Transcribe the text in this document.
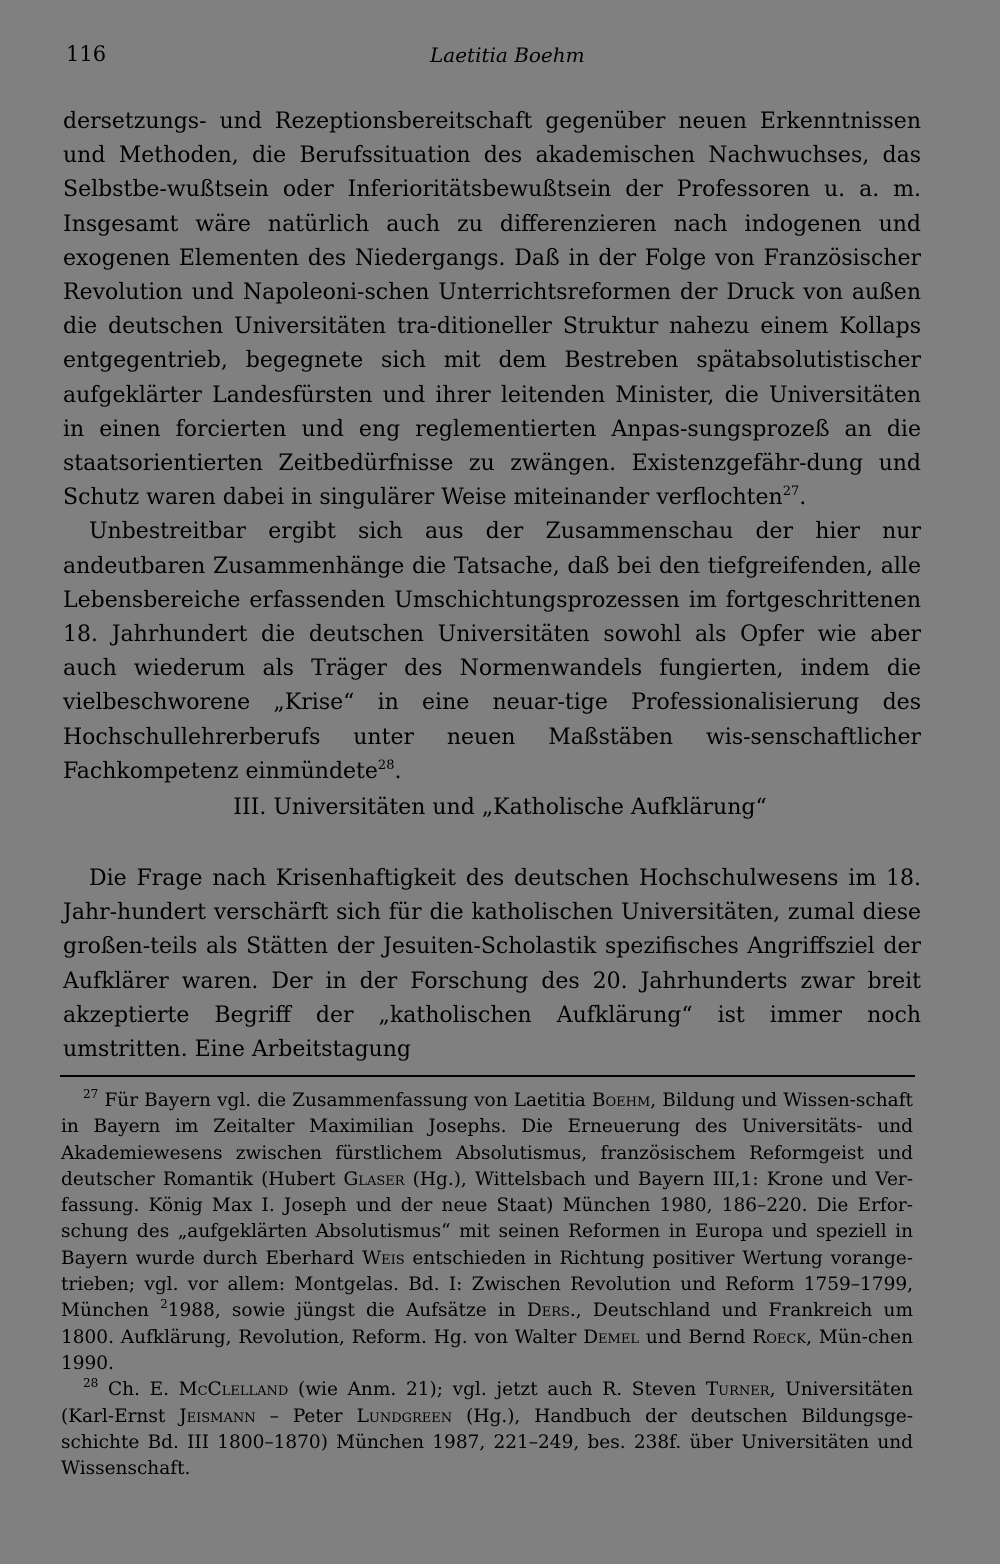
116	Laetitia Boehm

dersetzungs- und Rezeptionsbereitschaft gegenüber neuen Erkenntnissen und Methoden, die Berufssituation des akademischen Nachwuchses, das Selbstbe-wußtsein oder Inferioritätsbewußtsein der Professoren u. a. m. Insgesamt wäre natürlich auch zu differenzieren nach indogenen und exogenen Elementen des Niedergangs. Daß in der Folge von Französischer Revolution und Napoleoni-schen Unterrichtsreformen der Druck von außen die deutschen Universitäten tra-ditioneller Struktur nahezu einem Kollaps entgegentrieb, begegnete sich mit dem Bestreben spätabsolutistischer aufgeklärter Landesfürsten und ihrer leitenden Minister, die Universitäten in einen forcierten und eng reglementierten Anpas-sungsprozeß an die staatsorientierten Zeitbedürfnisse zu zwängen. Existenzgefähr-dung und Schutz waren dabei in singulärer Weise miteinander verflochten$^{27}$.

Unbestreitbar ergibt sich aus der Zusammenschau der hier nur andeutbaren Zusammenhänge die Tatsache, daß bei den tiefgreifenden, alle Lebensbereiche erfassenden Umschichtungsprozessen im fortgeschrittenen 18. Jahrhundert die deutschen Universitäten sowohl als Opfer wie aber auch wiederum als Träger des Normenwandels fungierten, indem die vielbeschworene „Krise“ in eine neuar-tige Professionalisierung des Hochschullehrerberufs unter neuen Maßstäben wis-senschaftlicher Fachkompetenz einmündete$^{28}$.

III. Universitäten und „Katholische Aufklärung“

Die Frage nach Krisenhaftigkeit des deutschen Hochschulwesens im 18. Jahr-hundert verschärft sich für die katholischen Universitäten, zumal diese großen-teils als Stätten der Jesuiten-Scholastik spezifisches Angriffsziel der Aufklärer waren. Der in der Forschung des 20. Jahrhunderts zwar breit akzeptierte Begriff der „katholischen Aufklärung“ ist immer noch umstritten. Eine Arbeitstagung

$^{27}$ Für Bayern vgl. die Zusammenfassung von Laetitia Boehm, Bildung und Wissen-schaft in Bayern im Zeitalter Maximilian Josephs. Die Erneuerung des Universitäts- und Akademiewesens zwischen fürstlichem Absolutismus, französischem Reformgeist und deutscher Romantik (Hubert Glaser (Hg.), Wittelsbach und Bayern III,1: Krone und Ver-fassung. König Max I. Joseph und der neue Staat) München 1980, 186–220. Die Erfor-schung des „aufgeklärten Absolutismus“ mit seinen Reformen in Europa und speziell in Bayern wurde durch Eberhard Weis entschieden in Richtung positiver Wertung vorange-trieben; vgl. vor allem: Montgelas. Bd. I: Zwischen Revolution und Reform 1759–1799, München $^2$1988, sowie jüngst die Aufsätze in Ders., Deutschland und Frankreich um 1800. Aufklärung, Revolution, Reform. Hg. von Walter Demel und Bernd Roeck, Mün-chen 1990.

$^{28}$ Ch. E. McClelland (wie Anm. 21); vgl. jetzt auch R. Steven Turner, Universitäten (Karl-Ernst Jeismann – Peter Lundgreen (Hg.), Handbuch der deutschen Bildungsge-schichte Bd. III 1800–1870) München 1987, 221–249, bes. 238f. über Universitäten und Wissenschaft.
